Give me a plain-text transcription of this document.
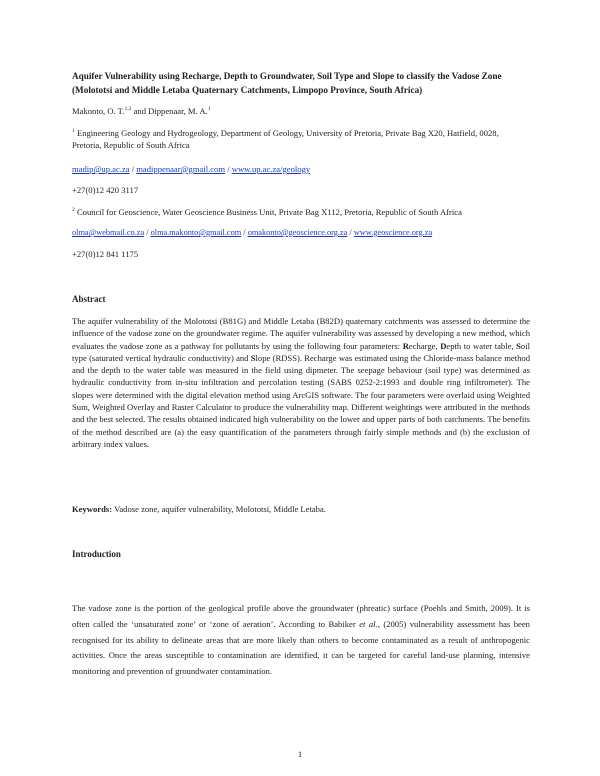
Aquifer Vulnerability using Recharge, Depth to Groundwater, Soil Type and Slope to classify the Vadose Zone (Molototsi and Middle Letaba Quaternary Catchments, Limpopo Province, South Africa)
Makonto, O. T.$^{1,2}$ and Dippenaar, M. A.$^1$
$^1$ Engineering Geology and Hydrogeology, Department of Geology, University of Pretoria, Private Bag X20, Hatfield, 0028, Pretoria, Republic of South Africa
madip@up.ac.za / madippenaar@gmail.com / www.up.ac.za/geology
+27(0)12 420 3117
$^2$ Council for Geoscience, Water Geoscience Business Unit, Private Bag X112, Pretoria, Republic of South Africa
olma@webmail.co.za / olma.makonto@gmail.com / omakonto@geoscience.org.za / www.geoscience.org.za
+27(0)12 841 1175
Abstract
The aquifer vulnerability of the Molototsi (B81G) and Middle Letaba (B82D) quaternary catchments was assessed to determine the influence of the vadose zone on the groundwater regime. The aquifer vulnerability was assessed by developing a new method, which evaluates the vadose zone as a pathway for pollutants by using the following four parameters: Recharge, Depth to water table, Soil type (saturated vertical hydraulic conductivity) and Slope (RDSS). Recharge was estimated using the Chloride-mass balance method and the depth to the water table was measured in the field using dipmeter. The seepage behaviour (soil type) was determined as hydraulic conductivity from in-situ infiltration and percolation testing (SABS 0252-2:1993 and double ring infiltrometer). The slopes were determined with the digital elevation method using ArcGIS software. The four parameters were overlaid using Weighted Sum, Weighted Overlay and Raster Calculator to produce the vulnerability map. Different weightings were attributed in the methods and the best selected. The results obtained indicated high vulnerability on the lower and upper parts of both catchments. The benefits of the method described are (a) the easy quantification of the parameters through fairly simple methods and (b) the exclusion of arbitrary index values.
Keywords: Vadose zone, aquifer vulnerability, Molototsi, Middle Letaba.
Introduction
The vadose zone is the portion of the geological profile above the groundwater (phreatic) surface (Poehls and Smith, 2009). It is often called the ‘unsaturated zone’ or ‘zone of aeration’. According to Babiker et al., (2005) vulnerability assessment has been recognised for its ability to delineate areas that are more likely than others to become contaminated as a result of anthropogenic activities. Once the areas susceptible to contamination are identified, it can be targeted for careful land-use planning, intensive monitoring and prevention of groundwater contamination.
1
